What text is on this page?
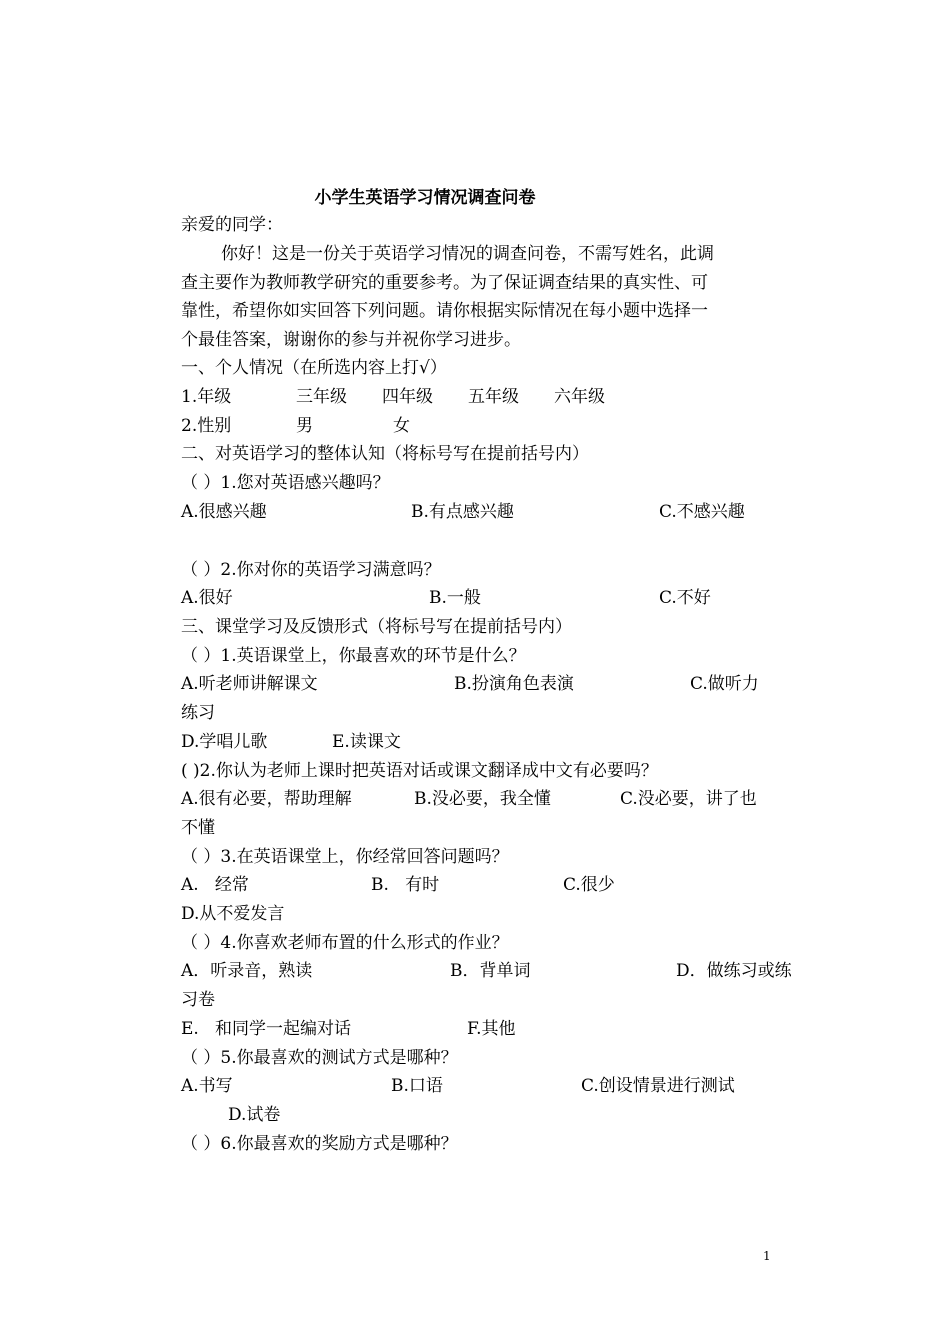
小学生英语学习情况调查问卷
亲爱的同学：
你好！这是一份关于英语学习情况的调查问卷，不需写姓名，此调
查主要作为教师教学研究的重要参考。为了保证调查结果的真实性、可
靠性，希望你如实回答下列问题。请你根据实际情况在每小题中选择一
个最佳答案，谢谢你的参与并祝你学习进步。
一、个人情况（在所选内容上打√）
1.年级	三年级 四年级 五年级 六年级
2.性别	男	女
二、对英语学习的整体认知（将标号写在提前括号内）
（ ）1.您对英语感兴趣吗？
A.很感兴趣	B.有点感兴趣	C.不感兴趣
（ ）2.你对你的英语学习满意吗？
A.很好	B.一般	C.不好
三、课堂学习及反馈形式（将标号写在提前括号内）
（ ）1.英语课堂上，你最喜欢的环节是什么？
A.听老师讲解课文	B.扮演角色表演	C.做听力
练习
D.学唱儿歌	E.读课文
( )2.你认为老师上课时把英语对话或课文翻译成中文有必要吗？
A.很有必要，帮助理解	B.没必要，我全懂	C.没必要，讲了也
不懂
（ ）3.在英语课堂上，你经常回答问题吗？
A.   经常	B.   有时	C.很少
D.从不爱发言
（ ）4.你喜欢老师布置的什么形式的作业？
A．听录音，熟读	B．背单词	D．做练习或练
习卷
E.   和同学一起编对话	F.其他
（ ）5.你最喜欢的测试方式是哪种？
A.书写	B.口语	C.创设情景进行测试
D.试卷
（ ）6.你最喜欢的奖励方式是哪种？
1
